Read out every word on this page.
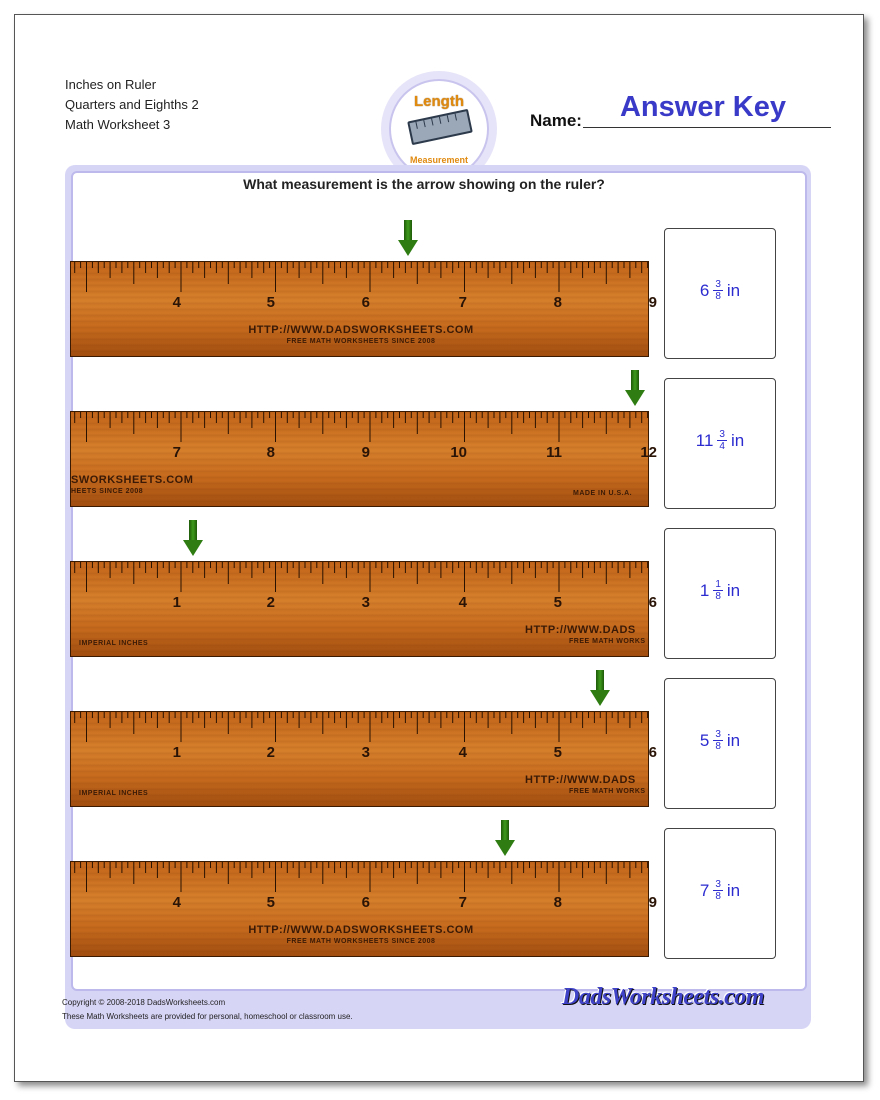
Inches on Ruler
Quarters and Eighths 2
Math Worksheet 3
Length
Measurement
Name:	Answer Key
What measurement is the arrow showing on the ruler?
4	5	6	7	8	9
HTTP://WWW.DADSWORKSHEETS.COM
FREE MATH WORKSHEETS SINCE 2008
$6 \frac{3}{8}$ in
7	8	9	10	11	12
SWORKSHEETS.COM
HEETS SINCE 2008	MADE IN U.S.A.
$11 \frac{3}{4}$ in
1	2	3	4	5	6
HTTP://WWW.DADS
FREE MATH WORKS
IMPERIAL INCHES
$1 \frac{1}{8}$ in
1	2	3	4	5	6
HTTP://WWW.DADS
FREE MATH WORKS
IMPERIAL INCHES
$5 \frac{3}{8}$ in
4	5	6	7	8	9
HTTP://WWW.DADSWORKSHEETS.COM
FREE MATH WORKSHEETS SINCE 2008
$7 \frac{3}{8}$ in
Copyright © 2008-2018 DadsWorksheets.com
These Math Worksheets are provided for personal, homeschool or classroom use.
DadsWorksheets.com
